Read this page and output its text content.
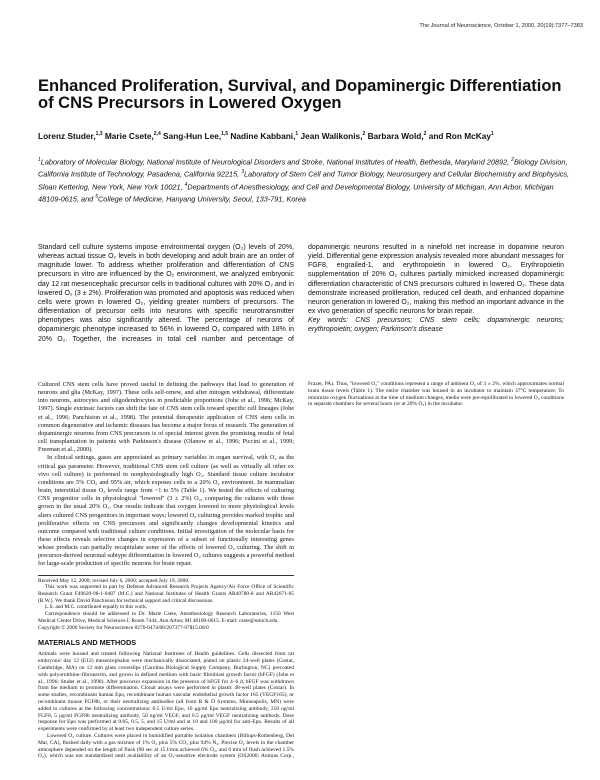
The Journal of Neuroscience, October 1, 2000, 20(19):7377–7383
Enhanced Proliferation, Survival, and Dopaminergic Differentiation of CNS Precursors in Lowered Oxygen
Lorenz Studer,$^{1,3}$ Marie Csete,$^{2,4}$ Sang-Hun Lee,$^{1,5}$ Nadine Kabbani,$^1$ Jean Walikonis,$^2$ Barbara Wold,$^2$ and Ron McKay$^1$
$^1$Laboratory of Molecular Biology, National Institute of Neurological Disorders and Stroke, National Institutes of Health, Bethesda, Maryland 20892, $^2$Biology Division, California Institute of Technology, Pasadena, California 92215, $^3$Laboratory of Stem Cell and Tumor Biology, Neurosurgery and Cellular Biochemistry and Biophysics, Sloan Kettering, New York, New York 10021, $^4$Departments of Anesthesiology, and Cell and Developmental Biology, University of Michigan, Ann Arbor, Michigan 48109-0615, and $^5$College of Medicine, Hanyang University, Seoul, 133-791, Korea

Standard cell culture systems impose environmental oxygen (O₂) levels of 20%, whereas actual tissue O₂ levels in both developing and adult brain are an order of magnitude lower. To address whether proliferation and differentiation of CNS precursors in vitro are influenced by the O₂ environment, we analyzed embryonic day 12 rat mesencephalic precursor cells in traditional cultures with 20% O₂ and in lowered O₂ (3 ± 2%). Proliferation was promoted and apoptosis was reduced when cells were grown in lowered O₂, yielding greater numbers of precursors. The differentiation of precursor cells into neurons with specific neurotransmitter phenotypes was also significantly altered. The percentage of neurons of dopaminergic phenotype increased to 56% in lowered O₂ compared with 18% in 20% O₂. Together, the increases in total cell number and percentage of dopaminergic neurons resulted in a ninefold net increase in dopamine neuron yield. Differential gene expression analysis revealed more abundant messages for FGF8, engrailed-1, and erythropoietin in lowered O₂. Erythropoietin supplementation of 20% O₂ cultures partially mimicked increased dopaminergic differentiation characteristic of CNS precursors cultured in lowered O₂. These data demonstrate increased proliferation, reduced cell death, and enhanced dopamine neuron generation in lowered O₂, making this method an important advance in the ex vivo generation of specific neurons for brain repair.

Key words: CNS precursors; CNS stem cells; dopaminergic neurons; erythropoietin; oxygen; Parkinson's disease

Cultured CNS stem cells have proved useful in defining the pathways that lead to generation of neurons and glia (McKay, 1997). These cells self-renew, and after mitogen withdrawal, differentiate into neurons, astrocytes and oligodendrocytes in predictable proportions (Johe et al., 1996; McKay, 1997). Single extrinsic factors can shift the fate of CNS stem cells toward specific cell lineages (Johe et al., 1996; Panchision et al., 1998). The potential therapeutic application of CNS stem cells in common degenerative and ischemic diseases has become a major focus of research. The generation of dopaminergic neurons from CNS precursors is of special interest given the promising results of fetal cell transplantation in patients with Parkinson's disease (Olanow et al., 1996; Piccini et al., 1999; Freeman et al., 2000).

In clinical settings, gases are appreciated as primary variables in organ survival, with O₂ as the critical gas parameter. However, traditional CNS stem cell culture (as well as virtually all other ex vivo cell culture) is performed in nonphysiologically high O₂. Standard tissue culture incubator conditions are 5% CO₂ and 95% air, which exposes cells to a 20% O₂ environment. In mammalian brain, interstitial tissue O₂ levels range from ~1 to 5% (Table 1). We tested the effects of culturing CNS progenitor cells in physiological "lowered" (3 ± 2%) O₂, comparing the cultures with those grown in the usual 20% O₂. Our results indicate that oxygen lowered to more physiological levels alters cultured CNS progenitors in important ways; lowered O₂ culturing provides marked trophic and proliferative effects on CNS precursors and significantly changes developmental kinetics and outcome compared with traditional culture conditions. Initial investigation of the molecular basis for these effects reveals selective changes in expression of a subset of functionally interesting genes whose products can partially recapitulate some of the effects of lowered O₂ culturing. The shift in precursor-derived neuronal subtype differentiation in lowered O₂ cultures suggests a powerful method for large-scale production of specific neurons for brain repair.

Received May 12, 2000; revised July 6, 2000; accepted July 19, 2000.
This work was supported in part by Defense Advanced Research Projects Agency/Air Force Office of Scientific Research Grant F49620-98-1-0487 (M.C.) and National Institutes of Health Grants AR40780-8 and AR42671-05 (B.W.). We thank David Panchision for technical support and critical discussions.
L.S. and M.C. contributed equally to this work.
Correspondence should be addressed to Dr. Marie Csete, Anesthesiology Research Laboratories, 1150 West Medical Center Drive, Medical Sciences I, Room 7444, Ann Arbor, MI 48109-0615. E-mail: csete@umich.edu.
Copyright © 2000 Society for Neuroscience 0270-6474/00/207377-07$15.00/0
MATERIALS AND METHODS

Animals were housed and treated following National Institutes of Health guidelines. Cells dissected from rat embryonic day 12 (E12) mesencephalon were mechanically dissociated, plated on plastic 24-well plates (Costar, Cambridge, MA) on 12 mm glass coverslips (Carolina Biological Supply Company, Burlington, NC) precoated with polyornithine–fibronectin, and grown in defined medium with basic fibroblast growth factor (bFGF) (Johe et al., 1996; Studer et al., 1998). After precursor expansion in the presence of bFGF for 4–6 d, bFGF was withdrawn from the medium to promote differentiation. Clonal assays were performed in plastic 48-well plates (Costar). In some studies, recombinant human Epo, recombinant human vascular endothelial growth factor 165 (VEGF165), or recombinant mouse FGF8b, or their neutralizing antibodies (all from R & D Systems, Minneapolis, MN) were added to cultures at the following concentrations: 0.5 U/ml Epo, 10 μg/ml Epo neutralizing antibody, 250 ng/ml FGF8, 5 μg/ml FGF8b neutralizing antibody, 50 ng/ml VEGF, and 0.5 μg/ml VEGF neutralizing antibody. Dose response for Epo was performed at 0.05, 0.5, 5, and 15 U/ml and at 10 and 100 μg/ml for anti-Epo. Results of all experiments were confirmed by at least two independent culture series.

Lowered O₂ culture. Cultures were placed in humidified portable isolation chambers (Billups-Rothenberg, Del Mar, CA), flushed daily with a gas mixture of 1% O₂ plus 5% CO₂ plus 94% N₂. Precise O₂ levels in the chamber atmosphere depended on the length of flush (90 sec at 15 l/min achieved 6% O₂, and 6 min of flush achieved 1.5% O₂), which was not standardized until availability of an O₂-sensitive electrode system (OS2000; Animas Corp., Frazer, PA). Thus, "lowered O₂" conditions represent a range of ambient O₂ of 3 ± 2%, which approximates normal brain tissue levels (Table 1). The entire chamber was housed in an incubator to maintain 37°C temperature. To minimize oxygen fluctuations at the time of medium changes, media were pre-equilibrated to lowered O₂ conditions in separate chambers for several hours (or at 20% O₂) in the incubator.
